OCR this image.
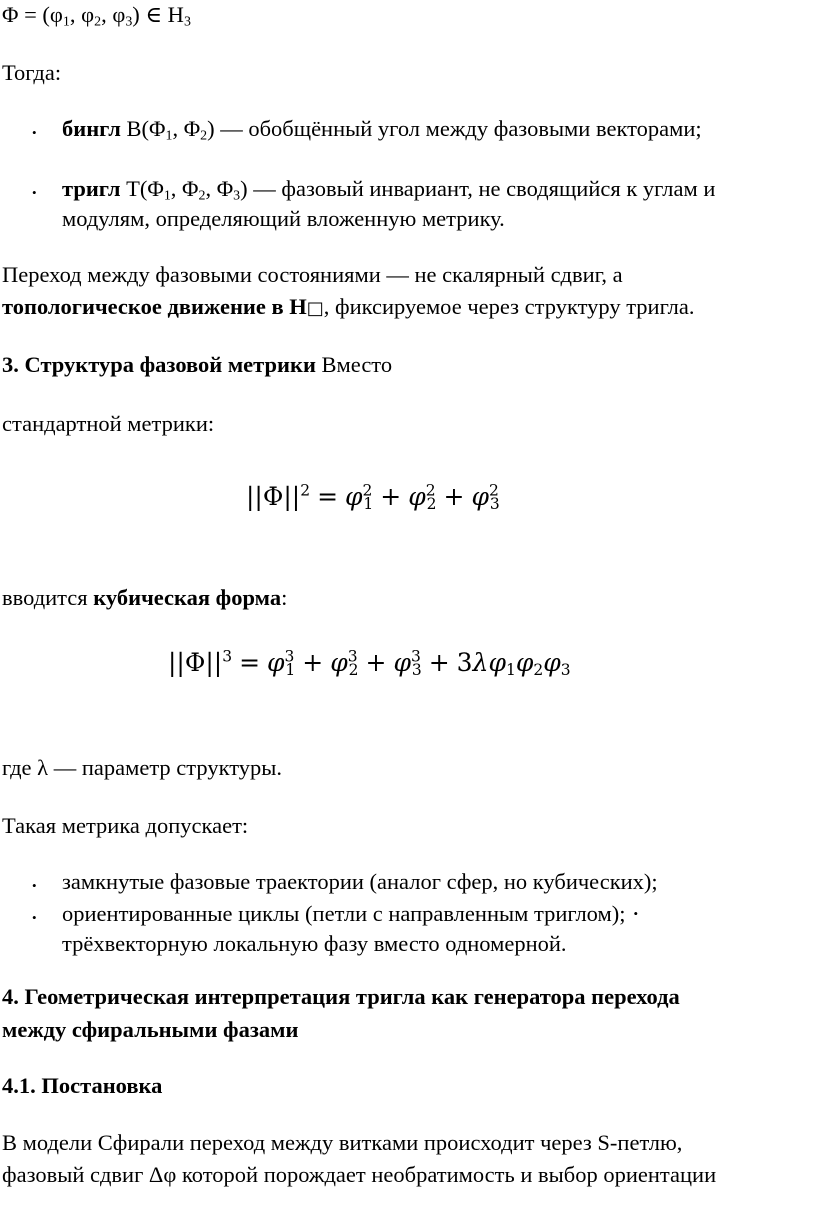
$\Phi = (\varphi_1$, $\varphi_2$, $\varphi_3$) ∈ $H_3$
Тогда:
• бингл $B(\Phi_1$, $\Phi_2$) — обобщённый угол между фазовыми векторами;
• тригл $T(\Phi_1$, $\Phi_2$, $\Phi_3$) — фазовый инвариант, не сводящийся к углам и
модулям, определяющий вложенную метрику.
Переход между фазовыми состояниями — не скалярный сдвиг, а
топологическое движение в H□, фиксируемое через структуру тригла.
3. Структура фазовой метрики Вместо
стандартной метрики:
$||\Phi||^2 = \varphi^2_1 + \varphi^2_2 + \varphi^2_3$
вводится кубическая форма:
$||\Phi||^3 = \varphi^3_1 + \varphi^3_2 + \varphi^3_3 + 3\lambda\varphi_1\varphi_2\varphi_3$
где λ — параметр структуры.
Такая метрика допускает:
• замкнутые фазовые траектории (аналог сфер, но кубических);
• ориентированные циклы (петли с направленным триглом); •
трёхвекторную локальную фазу вместо одномерной.
4. Геометрическая интерпретация тригла как генератора перехода
между сфиральными фазами
4.1. Постановка
В модели Сфирали переход между витками происходит через S-петлю,
фазовый сдвиг Δφ которой порождает необратимость и выбор ориентации
